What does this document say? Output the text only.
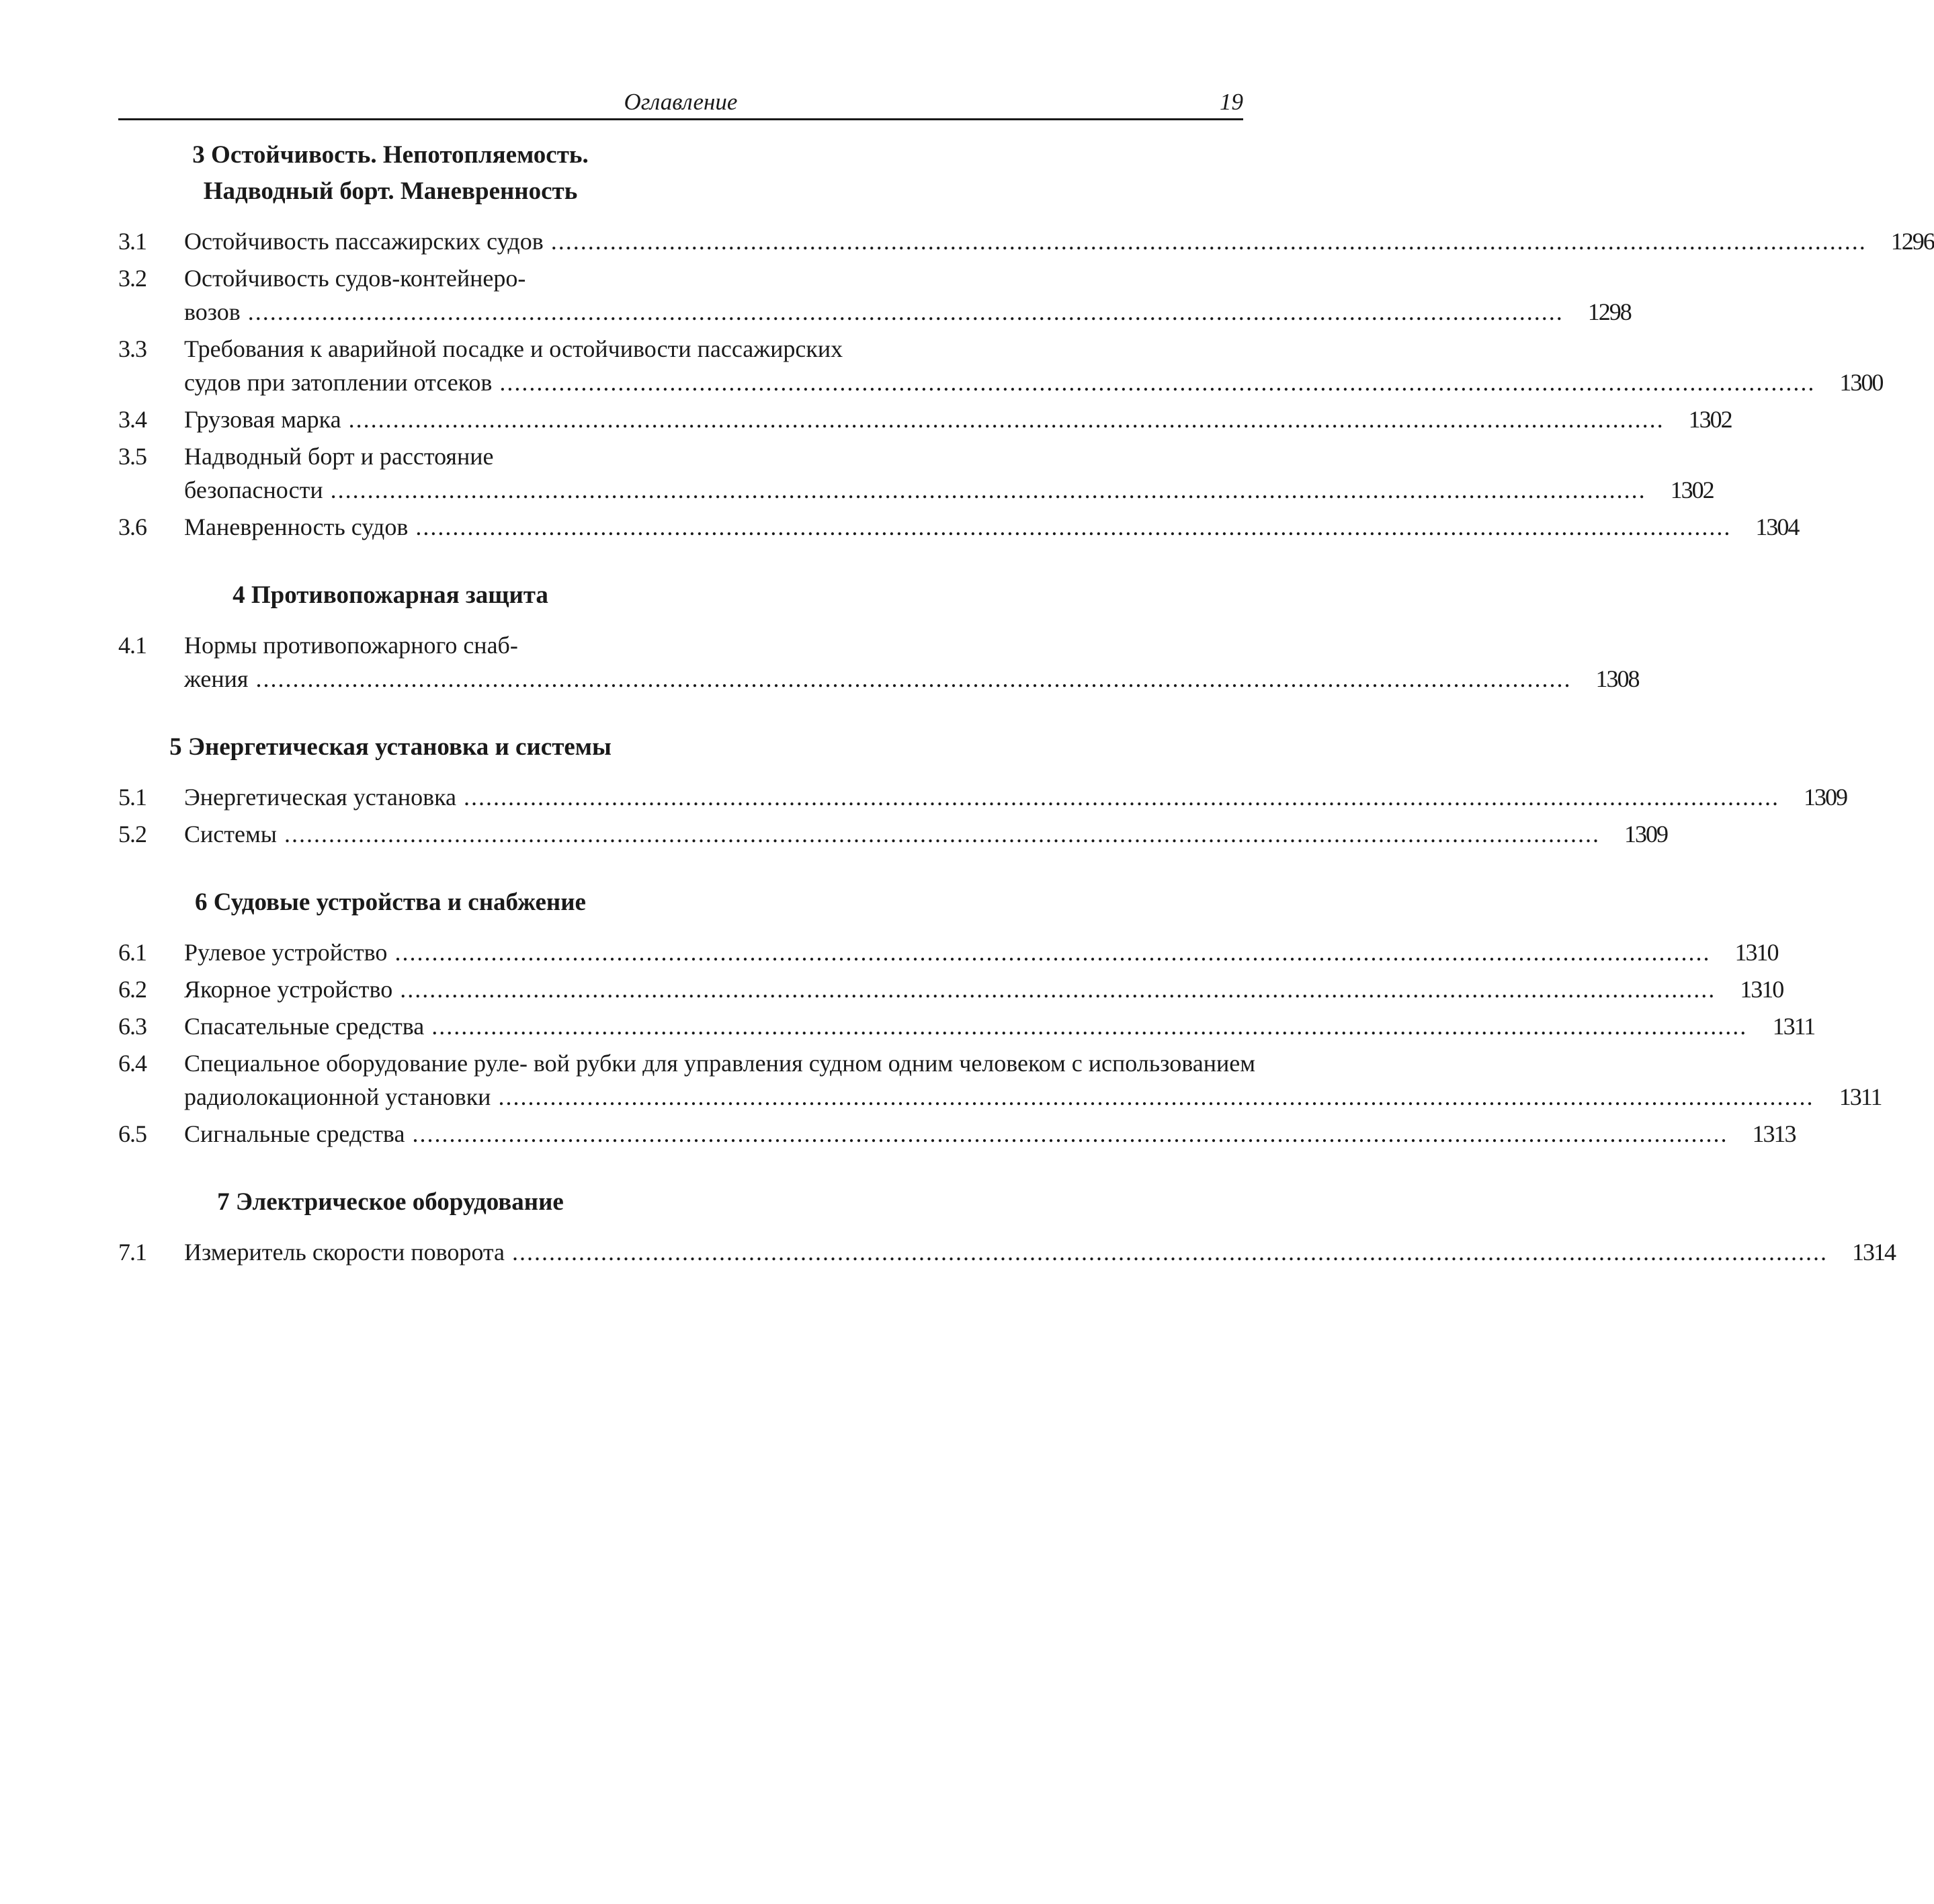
Оглавление	19
3 Остойчивость. Непотопляемость.
Надводный борт. Маневренность
3.1	Остойчивость пассажирских судов .....	1296
3.2	Остойчивость судов-контейнеро-
возов .....	1298
3.3	Требования к аварийной посадке и остойчивости пассажирских
судов при затоплении отсеков .....	1300
3.4	Грузовая марка .....	1302
3.5	Надводный борт и расстояние
безопасности .....	1302
3.6	Маневренность судов .....	1304
4 Противопожарная защита
4.1	Нормы противопожарного снаб-
жения .....	1308
5 Энергетическая установка и системы
5.1	Энергетическая установка .....	1309
5.2	Системы .....	1309
6 Судовые устройства и снабжение
6.1	Рулевое устройство .....	1310
6.2	Якорное устройство .....	1310
6.3	Спасательные средства .....	1311
6.4	Специальное оборудование руле- вой рубки для управления судном одним человеком с использованием
радиолокационной установки .....	1311
6.5	Сигнальные средства .....	1313
7 Электрическое оборудование
7.1	Измеритель скорости поворота .....	1314
